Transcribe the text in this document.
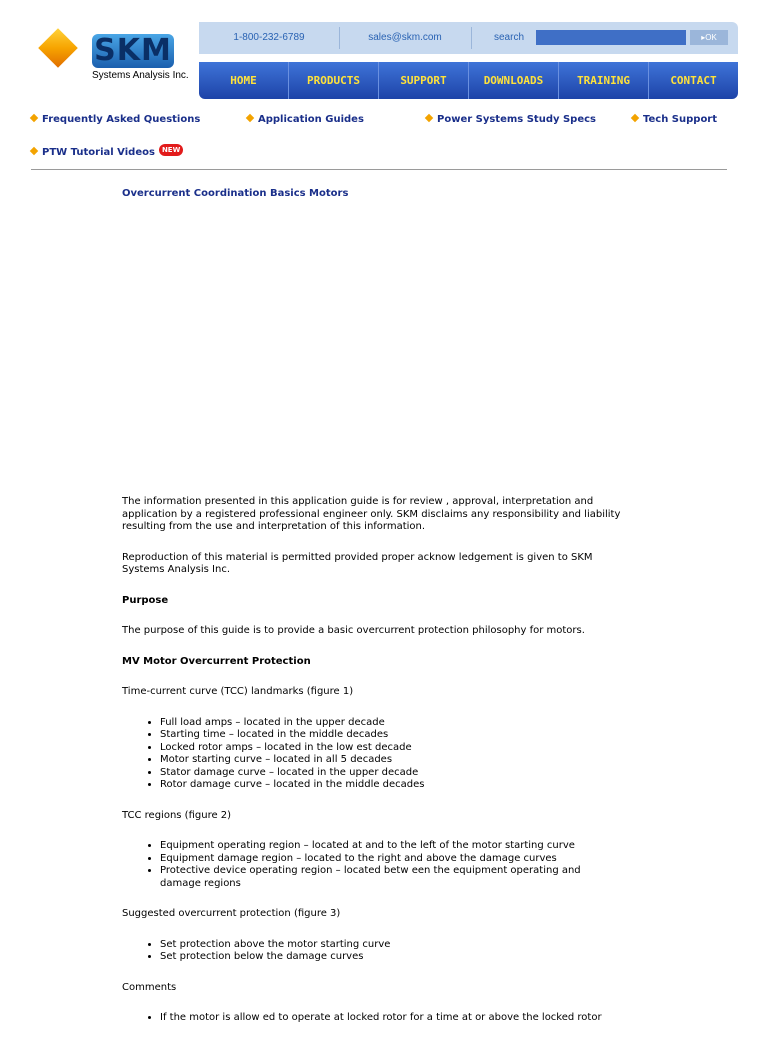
SKM
Systems Analysis Inc.
1-800-232-6789	sales@skm.com	search	▸OK
HOME	PRODUCTS	SUPPORT	DOWNLOADS	TRAINING	CONTACT
Frequently Asked Questions	Application Guides	Power Systems Study Specs	Tech Support
PTW Tutorial Videos NEW
Overcurrent Coordination Basics Motors

The information presented in this application guide is for review , approval, interpretation and application by a registered professional engineer only. SKM disclaims any responsibility and liability resulting from the use and interpretation of this information.

Reproduction of this material is permitted provided proper acknow ledgement is given to SKM Systems Analysis Inc.

Purpose

The purpose of this guide is to provide a basic overcurrent protection philosophy for motors.

MV Motor Overcurrent Protection

Time-current curve (TCC) landmarks (figure 1)

• Full load amps – located in the upper decade
• Starting time – located in the middle decades
• Locked rotor amps – located in the low est decade
• Motor starting curve – located in all 5 decades
• Stator damage curve – located in the upper decade
• Rotor damage curve – located in the middle decades

TCC regions (figure 2)

• Equipment operating region – located at and to the left of the motor starting curve
• Equipment damage region – located to the right and above the damage curves
• Protective device operating region – located betw een the equipment operating and damage regions

Suggested overcurrent protection (figure 3)

• Set protection above the motor starting curve
• Set protection below the damage curves

Comments

• If the motor is allow ed to operate at locked rotor for a time at or above the locked rotor
